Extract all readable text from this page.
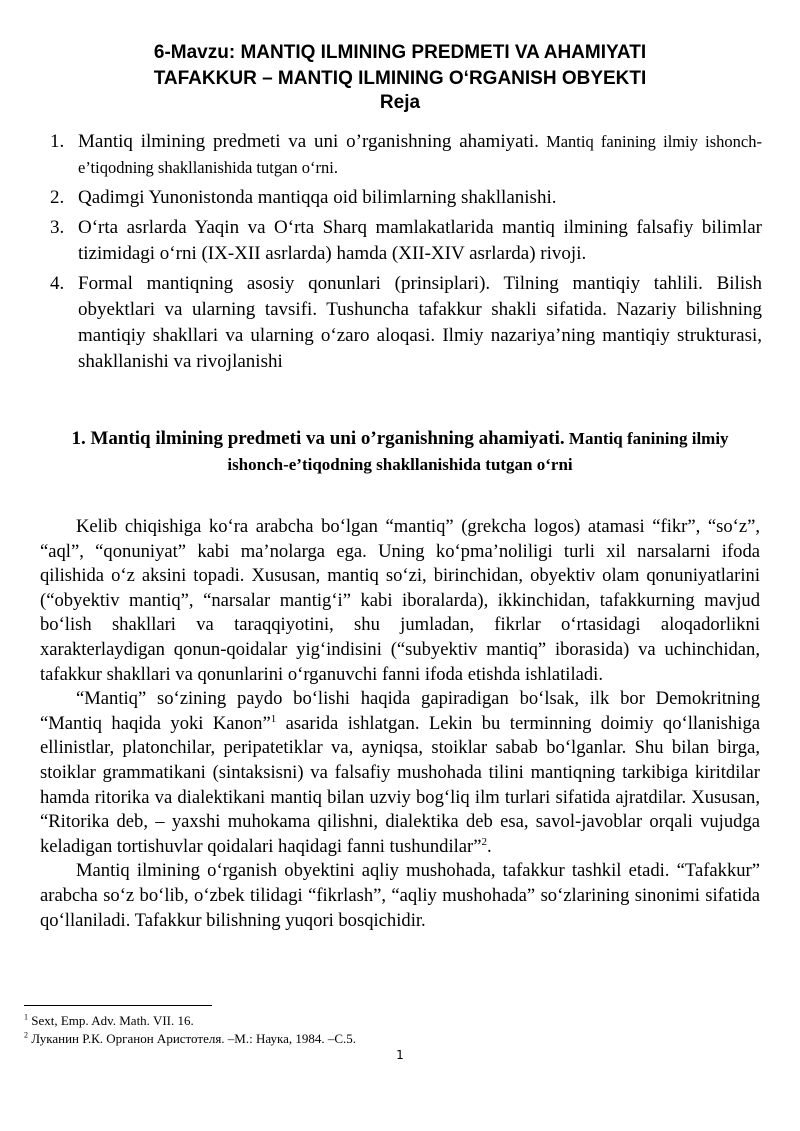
6-Mavzu: MANTIQ ILMINING PREDMETI VA AHAMIYATI
TAFAKKUR – MANTIQ ILMINING O‘RGANISH OBYEKTI
Reja
1. Mantiq ilmining predmeti va uni o’rganishning ahamiyati. Mantiq fanining ilmiy ishonch-e’tiqodning shakllanishida tutgan o‘rni.
2. Qadimgi Yunonistonda mantiqqa oid bilimlarning shakllanishi.
3. O‘rta asrlarda Yaqin va O‘rta Sharq mamlakatlarida mantiq ilmining falsafiy bilimlar tizimidagi o‘rni (IX-XII asrlarda) hamda (XII-XIV asrlarda) rivoji.
4. Formal mantiqning asosiy qonunlari (prinsiplari). Tilning mantiqiy tahlili. Bilish obyektlari va ularning tavsifi. Tushuncha tafakkur shakli sifatida. Nazariy bilishning mantiqiy shakllari va ularning o‘zaro aloqasi. Ilmiy nazariya’ning mantiqiy strukturasi, shakllanishi va rivojlanishi
1. Mantiq ilmining predmeti va uni o’rganishning ahamiyati. Mantiq fanining ilmiy ishonch-e’tiqodning shakllanishida tutgan o‘rni

Kelib chiqishiga ko‘ra arabcha bo‘lgan “mantiq” (grekcha logos) atamasi “fikr”, “so‘z”, “aql”, “qonuniyat” kabi ma’nolarga ega. Uning ko‘pma’noliligi turli xil narsalarni ifoda qilishida o‘z aksini topadi. Xususan, mantiq so‘zi, birinchidan, obyektiv olam qonuniyatlarini (“obyektiv mantiq”, “narsalar mantig‘i” kabi iboralarda), ikkinchidan, tafakkurning mavjud bo‘lish shakllari va taraqqiyotini, shu jumladan, fikrlar o‘rtasidagi aloqadorlikni xarakterlaydigan qonun-qoidalar yig‘indisini (“subyektiv mantiq” iborasida) va uchinchidan, tafakkur shakllari va qonunlarini o‘rganuvchi fanni ifoda etishda ishlatiladi.

“Mantiq” so‘zining paydo bo‘lishi haqida gapiradigan bo‘lsak, ilk bor Demokritning “Mantiq haqida yoki Kanon”$^1$ asarida ishlatgan. Lekin bu terminning doimiy qo‘llanishiga ellinistlar, platonchilar, peripatetiklar va, ayniqsa, stoiklar sabab bo‘lganlar. Shu bilan birga, stoiklar grammatikani (sintaksisni) va falsafiy mushohada tilini mantiqning tarkibiga kiritdilar hamda ritorika va dialektikani mantiq bilan uzviy bog‘liq ilm turlari sifatida ajratdilar. Xususan, “Ritorika deb, – yaxshi muhokama qilishni, dialektika deb esa, savol-javoblar orqali vujudga keladigan tortishuvlar qoidalari haqidagi fanni tushundilar”$^2$.

Mantiq ilmining o‘rganish obyektini aqliy mushohada, tafakkur tashkil etadi. “Tafakkur” arabcha so‘z bo‘lib, o‘zbek tilidagi “fikrlash”, “aqliy mushohada” so‘zlarining sinonimi sifatida qo‘llaniladi. Tafakkur bilishning yuqori bosqichidir.

$^1$ Sext, Emp. Adv. Math. VII. 16.
$^2$ Луканин Р.К. Органон Аристотеля. –М.: Наука, 1984. –С.5.
1
